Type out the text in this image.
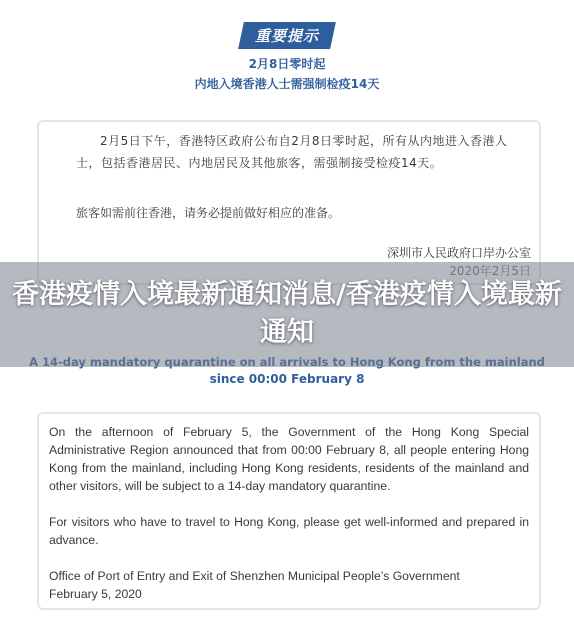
重要提示
2月8日零时起
内地入境香港人士需强制检疫14天
2月5日下午，香港特区政府公布自2月8日零时起，所有从内地进入香港人士，包括香港居民、内地居民及其他旅客，需强制接受检疫14天。
旅客如需前往香港，请务必提前做好相应的准备。
深圳市人民政府口岸办公室
since 00:00 February 8
On the afternoon of February 5, the Government of the Hong Kong Special Administrative Region announced that from 00:00 February 8, all people entering Hong Kong from the mainland, including Hong Kong residents, residents of the mainland and other visitors, will be subject to a 14-day mandatory quarantine.
For visitors who have to travel to Hong Kong, please get well-informed and prepared in advance.
Office of Port of Entry and Exit of Shenzhen Municipal People’s Government
February 5, 2020
香港疫情入境最新通知消息/香港疫情入境最新通知
